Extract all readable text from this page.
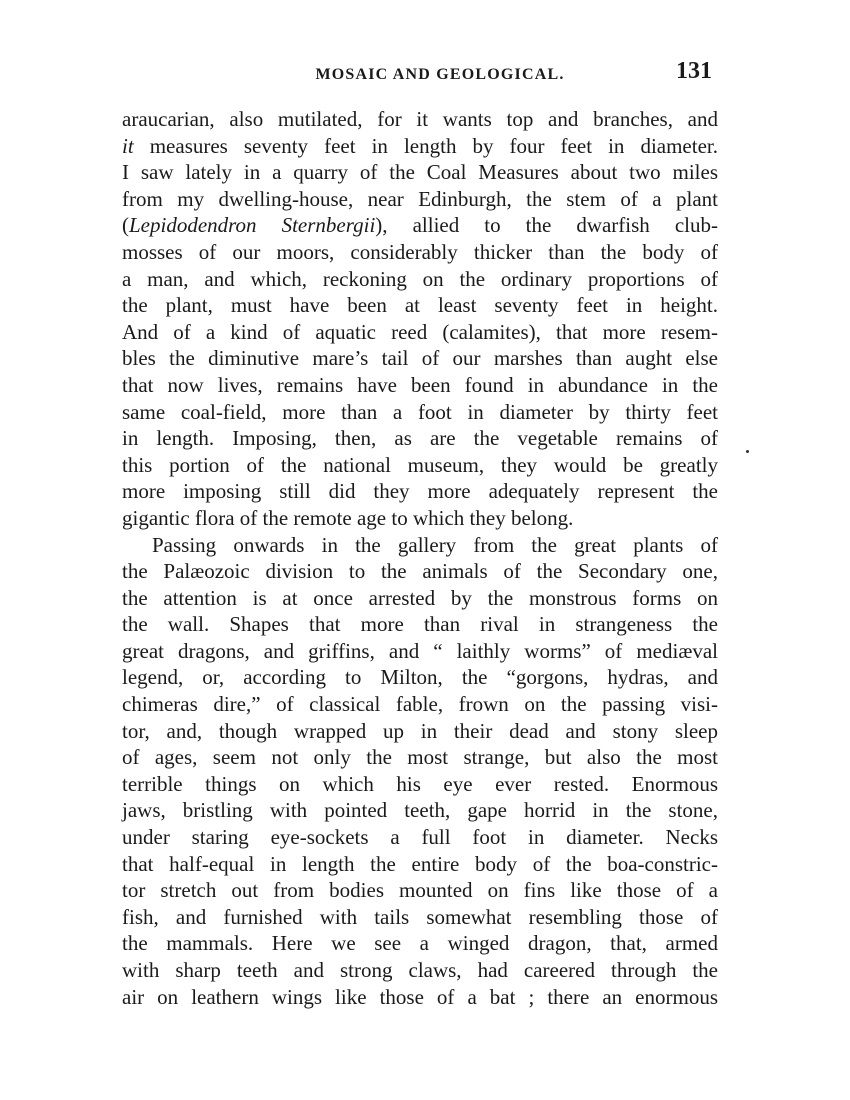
MOSAIC AND GEOLOGICAL.	131
araucarian, also mutilated, for it wants top and branches, and
it measures seventy feet in length by four feet in diameter.
I saw lately in a quarry of the Coal Measures about two miles
from my dwelling-house, near Edinburgh, the stem of a plant
(Lepidodendron Sternbergii), allied to the dwarfish club-
mosses of our moors, considerably thicker than the body of
a man, and which, reckoning on the ordinary proportions of
the plant, must have been at least seventy feet in height.
And of a kind of aquatic reed (calamites), that more resem-
bles the diminutive mare’s tail of our marshes than aught else
that now lives, remains have been found in abundance in the
same coal-field, more than a foot in diameter by thirty feet
in length. Imposing, then, as are the vegetable remains of
this portion of the national museum, they would be greatly
more imposing still did they more adequately represent the
gigantic flora of the remote age to which they belong.
Passing onwards in the gallery from the great plants of
the Palæozoic division to the animals of the Secondary one,
the attention is at once arrested by the monstrous forms on
the wall. Shapes that more than rival in strangeness the
great dragons, and griffins, and “ laithly worms” of mediæval
legend, or, according to Milton, the “gorgons, hydras, and
chimeras dire,” of classical fable, frown on the passing visi-
tor, and, though wrapped up in their dead and stony sleep
of ages, seem not only the most strange, but also the most
terrible things on which his eye ever rested. Enormous
jaws, bristling with pointed teeth, gape horrid in the stone,
under staring eye-sockets a full foot in diameter. Necks
that half-equal in length the entire body of the boa-constric-
tor stretch out from bodies mounted on fins like those of a
fish, and furnished with tails somewhat resembling those of
the mammals. Here we see a winged dragon, that, armed
with sharp teeth and strong claws, had careered through the
air on leathern wings like those of a bat ; there an enormous
